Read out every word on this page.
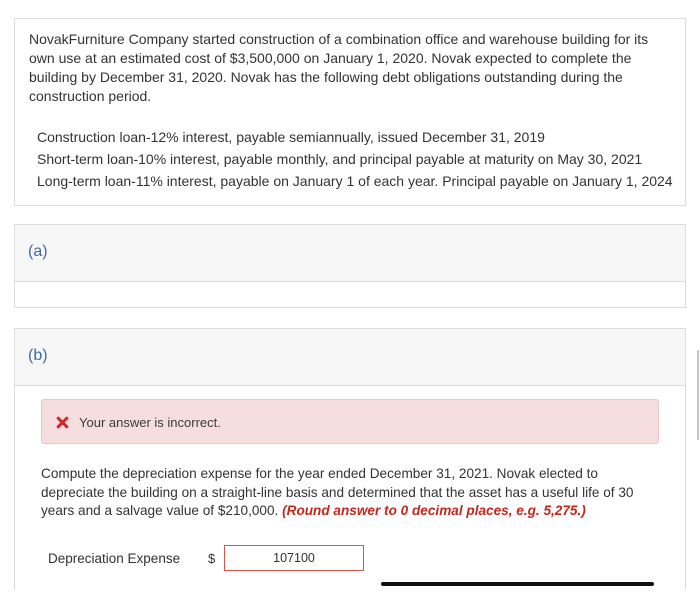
NovakFurniture Company started construction of a combination office and warehouse building for its own use at an estimated cost of $3,500,000 on January 1, 2020. Novak expected to complete the building by December 31, 2020. Novak has the following debt obligations outstanding during the construction period.

Construction loan-12% interest, payable semiannually, issued December 31, 2019
Short-term loan-10% interest, payable monthly, and principal payable at maturity on May 30, 2021
Long-term loan-11% interest, payable on January 1 of each year. Principal payable on January 1, 2024
(a)
(b)
Your answer is incorrect.
Compute the depreciation expense for the year ended December 31, 2021. Novak elected to depreciate the building on a straight-line basis and determined that the asset has a useful life of 30 years and a salvage value of $210,000. (Round answer to 0 decimal places, e.g. 5,275.)
Depreciation Expense	$
107100
